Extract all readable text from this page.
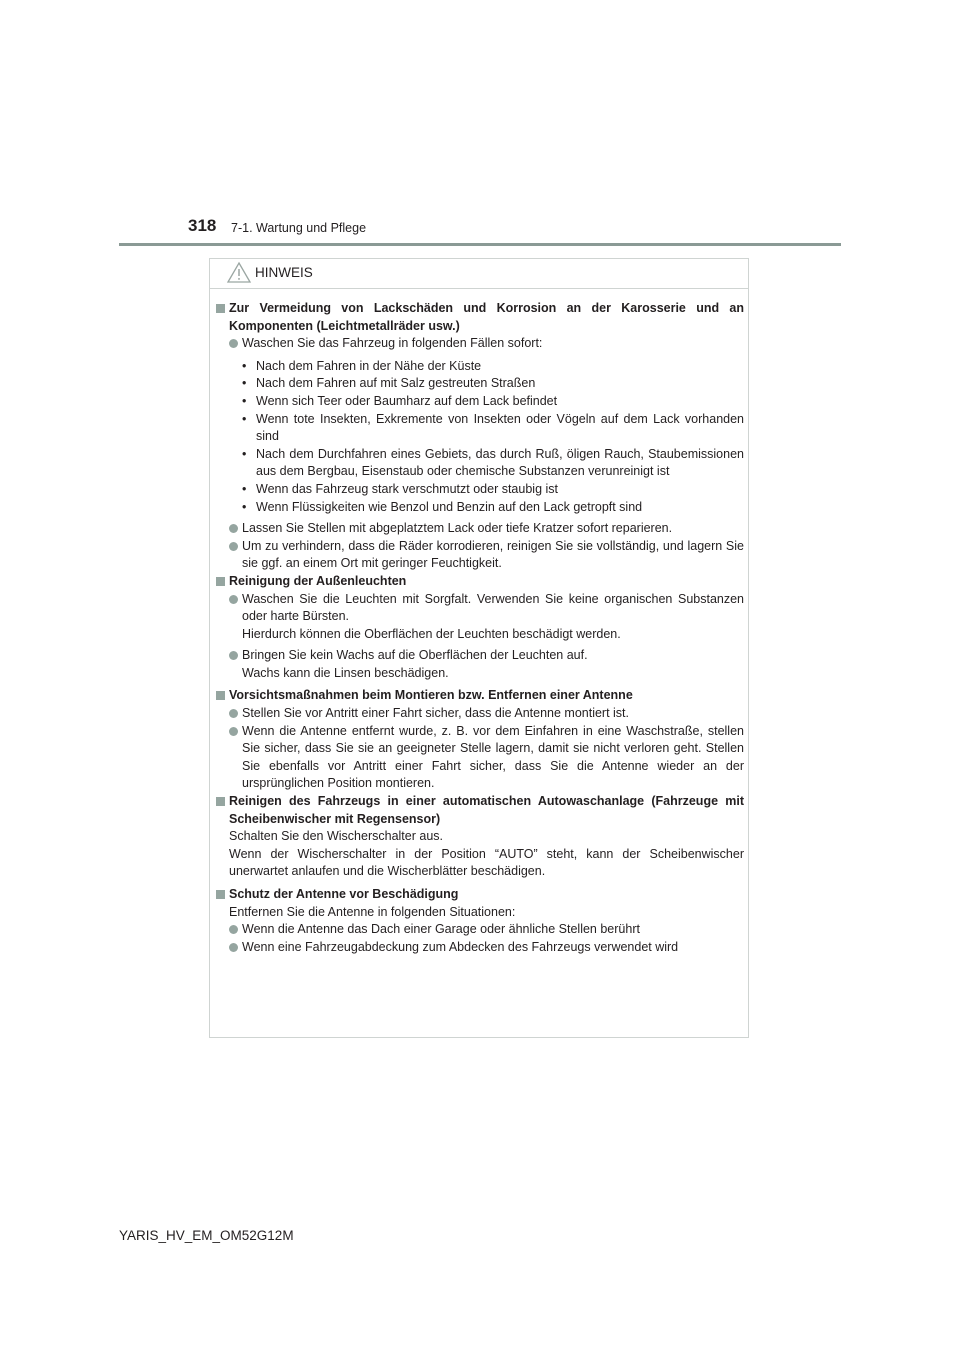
318 7-1. Wartung und Pflege
HINWEIS

Zur Vermeidung von Lackschäden und Korrosion an der Karosserie und an Komponenten (Leichtmetallräder usw.)

Waschen Sie das Fahrzeug in folgenden Fällen sofort:

• Nach dem Fahren in der Nähe der Küste
• Nach dem Fahren auf mit Salz gestreuten Straßen
• Wenn sich Teer oder Baumharz auf dem Lack befindet
• Wenn tote Insekten, Exkremente von Insekten oder Vögeln auf dem Lack vorhanden sind
• Nach dem Durchfahren eines Gebiets, das durch Ruß, öligen Rauch, Staubemissionen aus dem Bergbau, Eisenstaub oder chemische Substanzen verunreinigt ist
• Wenn das Fahrzeug stark verschmutzt oder staubig ist
• Wenn Flüssigkeiten wie Benzol und Benzin auf den Lack getropft sind

Lassen Sie Stellen mit abgeplatztem Lack oder tiefe Kratzer sofort reparieren.

Um zu verhindern, dass die Räder korrodieren, reinigen Sie sie vollständig, und lagern Sie sie ggf. an einem Ort mit geringer Feuchtigkeit.

Reinigung der Außenleuchten

Waschen Sie die Leuchten mit Sorgfalt. Verwenden Sie keine organischen Substanzen oder harte Bürsten.
Hierdurch können die Oberflächen der Leuchten beschädigt werden.
Bringen Sie kein Wachs auf die Oberflächen der Leuchten auf.
Wachs kann die Linsen beschädigen.

Vorsichtsmaßnahmen beim Montieren bzw. Entfernen einer Antenne

Stellen Sie vor Antritt einer Fahrt sicher, dass die Antenne montiert ist.

Wenn die Antenne entfernt wurde, z. B. vor dem Einfahren in eine Waschstraße, stellen Sie sicher, dass Sie sie an geeigneter Stelle lagern, damit sie nicht verloren geht. Stellen Sie ebenfalls vor Antritt einer Fahrt sicher, dass Sie die Antenne wieder an der ursprünglichen Position montieren.

Reinigen des Fahrzeugs in einer automatischen Autowaschanlage (Fahrzeuge mit Scheibenwischer mit Regensensor)

Schalten Sie den Wischerschalter aus.
Wenn der Wischerschalter in der Position “AUTO” steht, kann der Scheibenwischer unerwartet anlaufen und die Wischerblätter beschädigen.

Schutz der Antenne vor Beschädigung

Entfernen Sie die Antenne in folgenden Situationen:

Wenn die Antenne das Dach einer Garage oder ähnliche Stellen berührt

Wenn eine Fahrzeugabdeckung zum Abdecken des Fahrzeugs verwendet wird

YARIS_HV_EM_OM52G12M
